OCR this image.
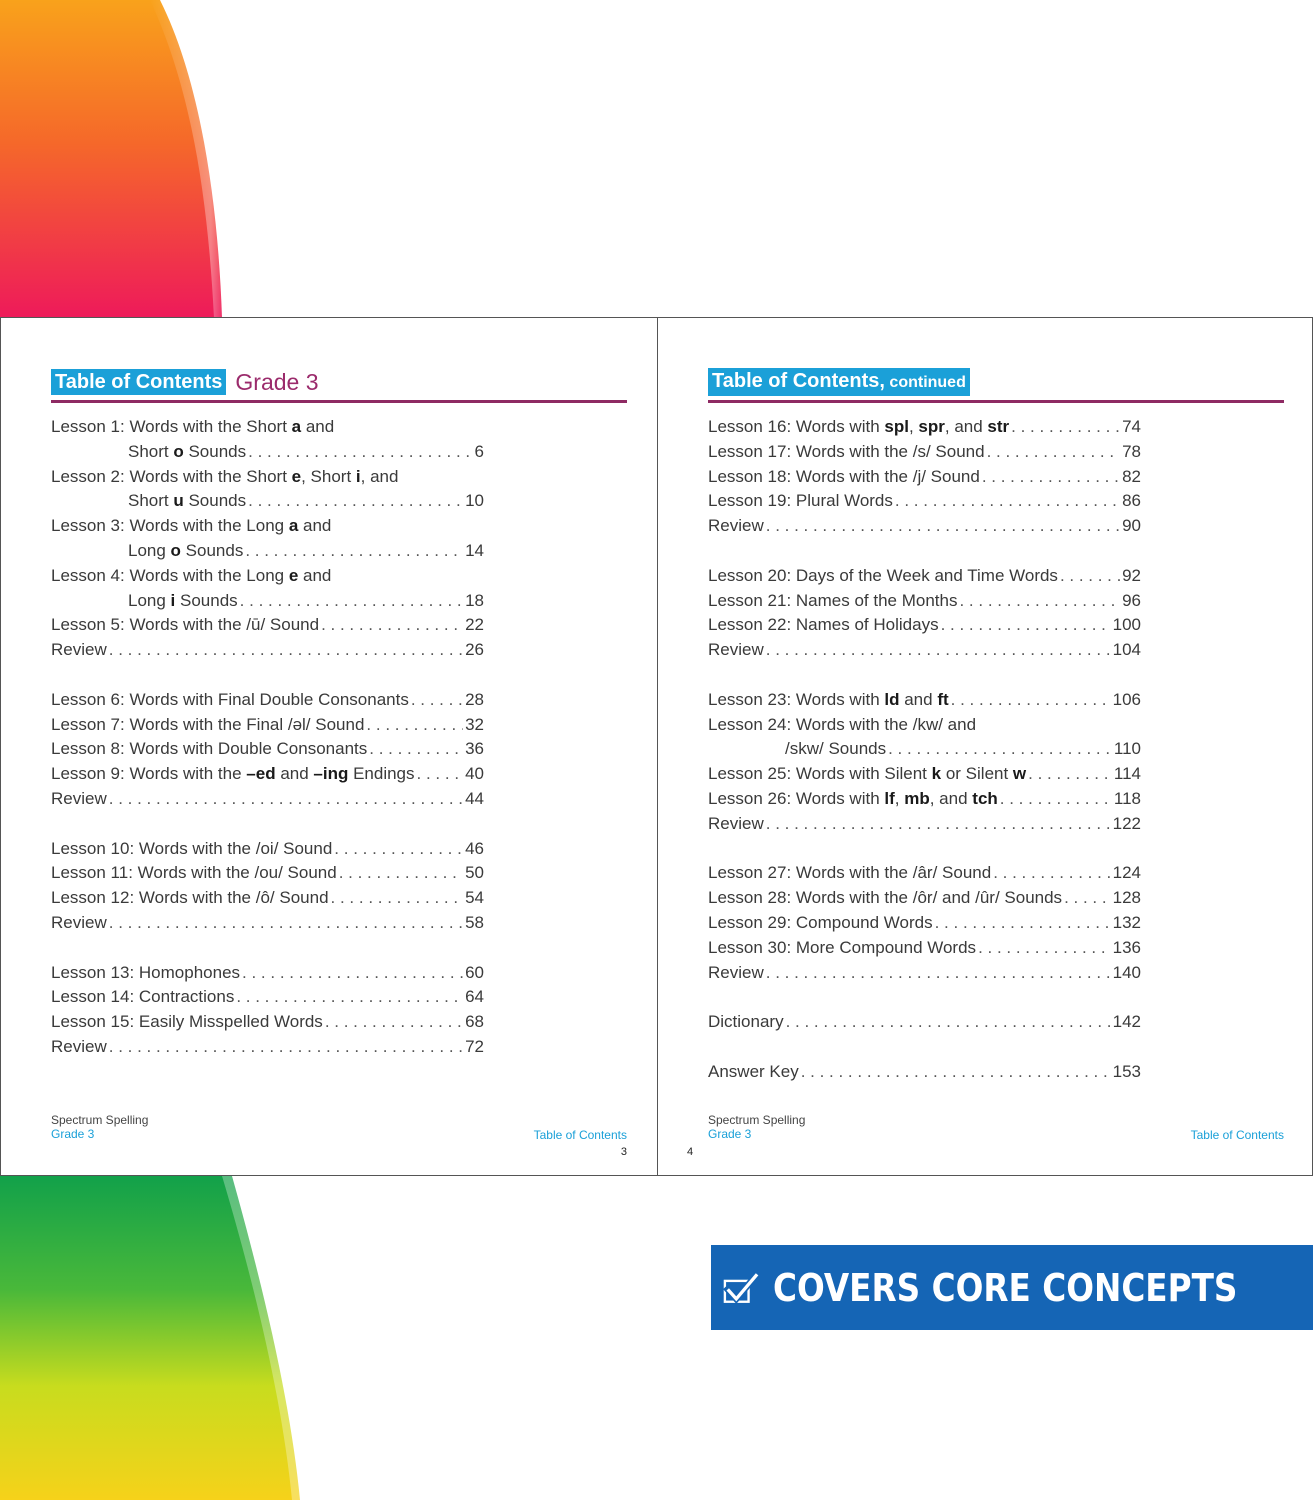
Table of Contents Grade 3
Lesson 1: Words with the Short a and
Short o Sounds . . .	6
Lesson 2: Words with the Short e, Short i, and
Short u Sounds . . .	10
Lesson 3: Words with the Long a and
Long o Sounds . . .	14
Lesson 4: Words with the Long e and
Long i Sounds . . .	18
Lesson 5: Words with the /ū/ Sound . . .	22
Review . . .	26
Lesson 6: Words with Final Double Consonants . . .	28
Lesson 7: Words with the Final /əl/ Sound . . .	32
Lesson 8: Words with Double Consonants . . .	36
Lesson 9: Words with the –ed and –ing Endings . . .	40
Review . . .	44
Lesson 10: Words with the /oi/ Sound . . .	46
Lesson 11: Words with the /ou/ Sound . . .	50
Lesson 12: Words with the /ô/ Sound . . .	54
Review . . .	58
Lesson 13: Homophones . . .	60
Lesson 14: Contractions . . .	64
Lesson 15: Easily Misspelled Words . . .	68
Review . . .	72
Spectrum Spelling
Grade 3	Table of Contents
3
Table of Contents, continued
Lesson 16: Words with spl, spr, and str . . .	74
Lesson 17: Words with the /s/ Sound . . .	78
Lesson 18: Words with the /j/ Sound . . .	82
Lesson 19: Plural Words . . .	86
Review . . .	90
Lesson 20: Days of the Week and Time Words . . .	92
Lesson 21: Names of the Months . . .	96
Lesson 22: Names of Holidays . . .	100
Review . . .	104
Lesson 23: Words with ld and ft . . .	106
Lesson 24: Words with the /kw/ and
/skw/ Sounds . . .	110
Lesson 25: Words with Silent k or Silent w . . .	114
Lesson 26: Words with lf, mb, and tch . . .	118
Review . . .	122
Lesson 27: Words with the /âr/ Sound . . .	124
Lesson 28: Words with the /ôr/ and /ûr/ Sounds . . .	128
Lesson 29: Compound Words . . .	132
Lesson 30: More Compound Words . . .	136
Review . . .	140
Dictionary . . .	142
Answer Key . . .	153
Spectrum Spelling
Grade 3	Table of Contents
4
COVERS CORE CONCEPTS
